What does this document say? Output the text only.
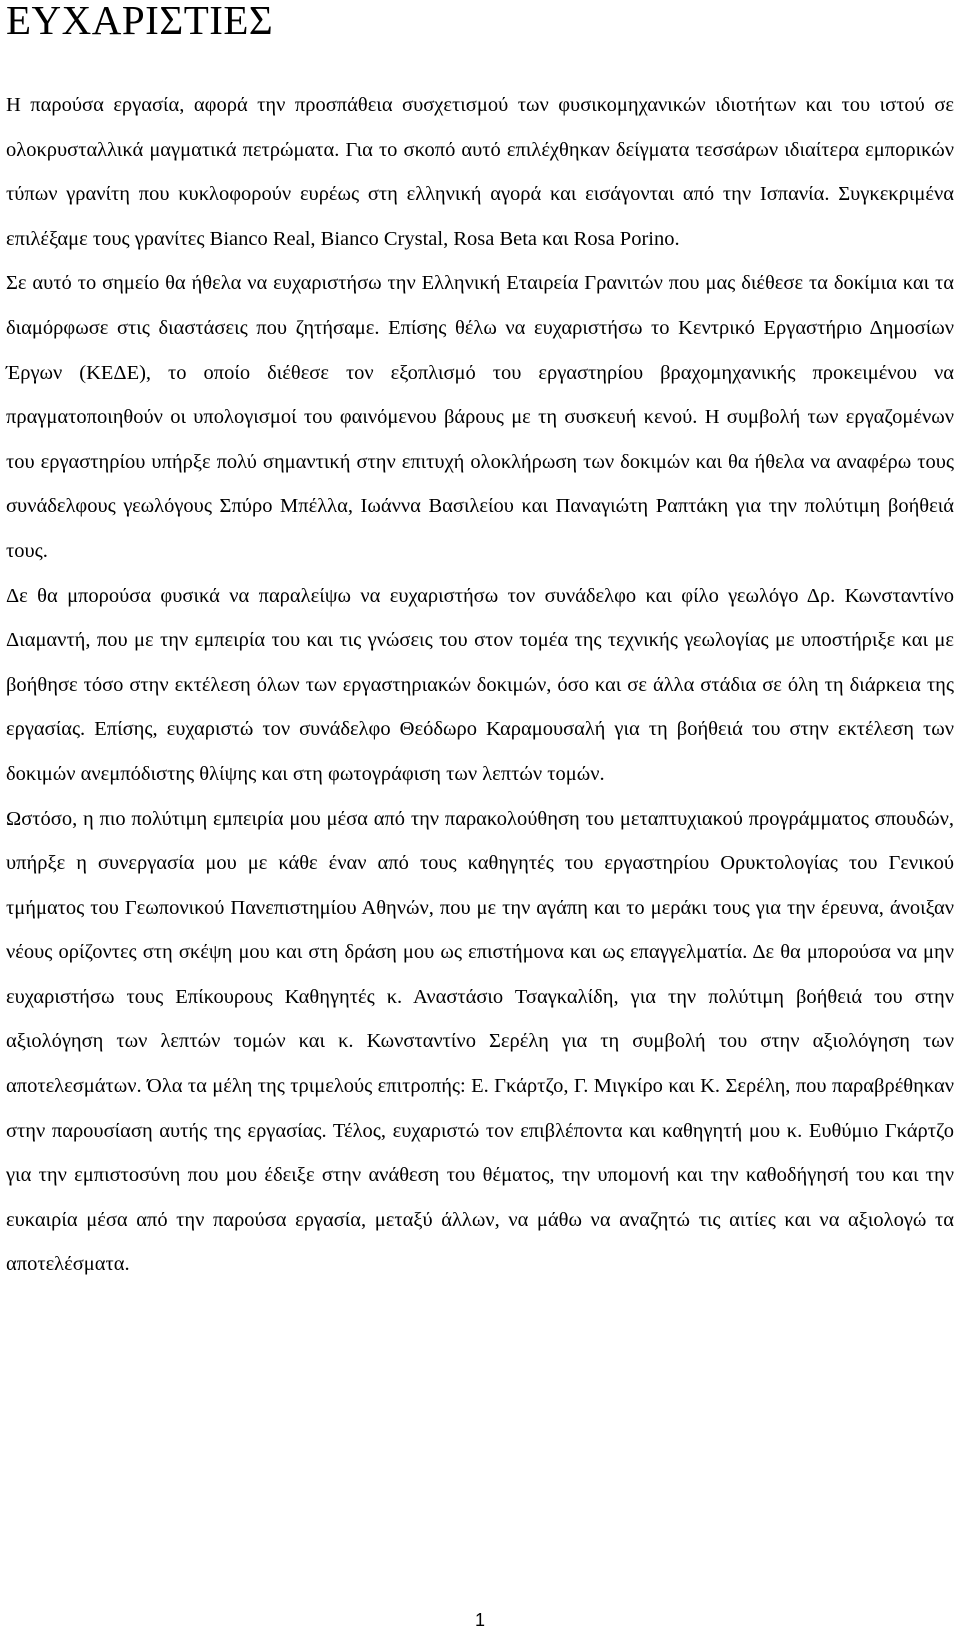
ΕΥΧΑΡΙΣΤΙΕΣ

Η παρούσα εργασία, αφορά την προσπάθεια συσχετισμού των φυσικομηχανικών ιδιοτήτων και του ιστού σε ολοκρυσταλλικά μαγματικά πετρώματα. Για το σκοπό αυτό επιλέχθηκαν δείγματα τεσσάρων ιδιαίτερα εμπορικών τύπων γρανίτη που κυκλοφορούν ευρέως στη ελληνική αγορά και εισάγονται από την Ισπανία. Συγκεκριμένα επιλέξαμε τους γρανίτες Bianco Real, Bianco Crystal, Rosa Beta και Rosa Porino.

Σε αυτό το σημείο θα ήθελα να ευχαριστήσω την Ελληνική Εταιρεία Γρανιτών που μας διέθεσε τα δοκίμια και τα διαμόρφωσε στις διαστάσεις που ζητήσαμε. Επίσης θέλω να ευχαριστήσω το Κεντρικό Εργαστήριο Δημοσίων Έργων (ΚΕΔΕ), το οποίο διέθεσε τον εξοπλισμό του εργαστηρίου βραχομηχανικής προκειμένου να πραγματοποιηθούν οι υπολογισμοί του φαινόμενου βάρους με τη συσκευή κενού. Η συμβολή των εργαζομένων του εργαστηρίου υπήρξε πολύ σημαντική στην επιτυχή ολοκλήρωση των δοκιμών και θα ήθελα να αναφέρω τους συνάδελφους γεωλόγους Σπύρο Μπέλλα, Ιωάννα Βασιλείου και Παναγιώτη Ραπτάκη για την πολύτιμη βοήθειά τους.

Δε θα μπορούσα φυσικά να παραλείψω να ευχαριστήσω τον συνάδελφο και φίλο γεωλόγο Δρ. Κωνσταντίνο Διαμαντή, που με την εμπειρία του και τις γνώσεις του στον τομέα της τεχνικής γεωλογίας με υποστήριξε και με βοήθησε τόσο στην εκτέλεση όλων των εργαστηριακών δοκιμών, όσο και σε άλλα στάδια σε όλη τη διάρκεια της εργασίας. Επίσης, ευχαριστώ τον συνάδελφο Θεόδωρο Καραμουσαλή για τη βοήθειά του στην εκτέλεση των δοκιμών ανεμπόδιστης θλίψης και στη φωτογράφιση των λεπτών τομών.

Ωστόσο, η πιο πολύτιμη εμπειρία μου μέσα από την παρακολούθηση του μεταπτυχιακού προγράμματος σπουδών, υπήρξε η συνεργασία μου με κάθε έναν από τους καθηγητές του εργαστηρίου Ορυκτολογίας του Γενικού τμήματος του Γεωπονικού Πανεπιστημίου Αθηνών, που με την αγάπη και το μεράκι τους για την έρευνα, άνοιξαν νέους ορίζοντες στη σκέψη μου και στη δράση μου ως επιστήμονα και ως επαγγελματία. Δε θα μπορούσα να μην ευχαριστήσω τους Επίκουρους Καθηγητές κ. Αναστάσιο Τσαγκαλίδη, για την πολύτιμη βοήθειά του στην αξιολόγηση των λεπτών τομών και κ. Κωνσταντίνο Σερέλη για τη συμβολή του στην αξιολόγηση των αποτελεσμάτων. Όλα τα μέλη της τριμελούς επιτροπής: Ε. Γκάρτζο, Γ. Μιγκίρο και Κ. Σερέλη, που παραβρέθηκαν στην παρουσίαση αυτής της εργασίας. Τέλος, ευχαριστώ τον επιβλέποντα και καθηγητή μου κ. Ευθύμιο Γκάρτζο για την εμπιστοσύνη που μου έδειξε στην ανάθεση του θέματος, την υπομονή και την καθοδήγησή του και την ευκαιρία μέσα από την παρούσα εργασία, μεταξύ άλλων, να μάθω να αναζητώ τις αιτίες και να αξιολογώ τα αποτελέσματα.

1
